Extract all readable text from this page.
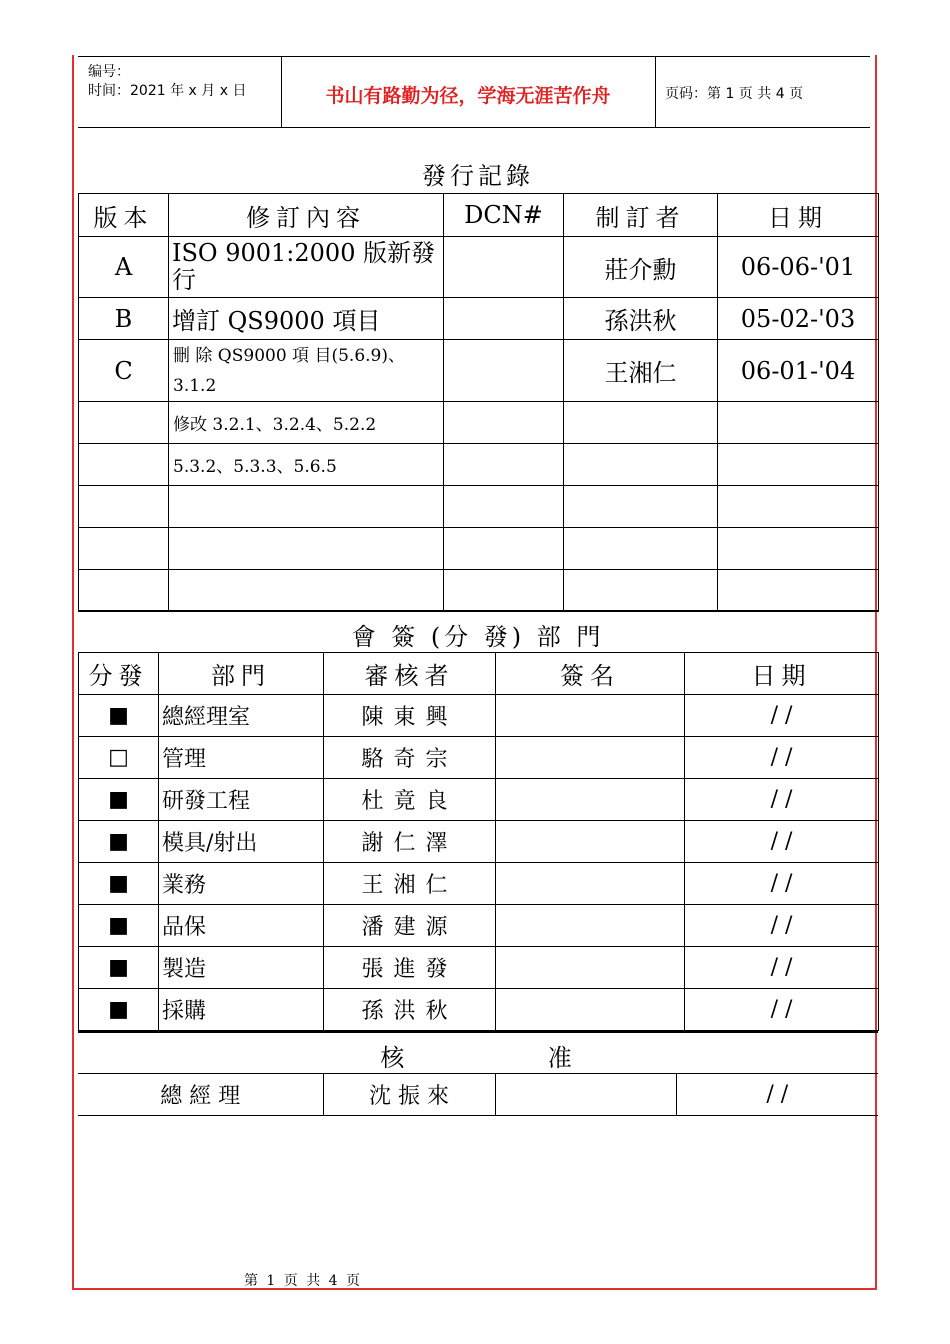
编号：
时间：2021 年 x 月 x 日	书山有路勤为径，学海无涯苦作舟	页码：第 1 页 共 4 页
發行記錄
版本	修訂內容	DCN#	制訂者	日期
A	ISO 9001:2000 版新發行		莊介勳	06-06-'01
B	增訂 QS9000 項目		孫洪秋	05-02-'03
C	刪 除 QS9000 項 目(5.6.9)、3.1.2		王湘仁	06-01-'04
	修改 3.2.1、3.2.4、5.2.2			
	5.3.2、5.3.3、5.6.5			

會 簽 (分 發) 部 門
分發	部門	審核者	簽名	日期
■	總經理室	陳東興		/ /
□	管理	駱奇宗		/ /
■	研發工程	杜竟良		/ /
■	模具/射出	謝仁澤		/ /
■	業務	王湘仁		/ /
■	品保	潘建源		/ /
■	製造	張進發		/ /
■	採購	孫洪秋		/ /
核            准
總 經 理	沈 振 來		/ /
第 1 页 共 4 页
